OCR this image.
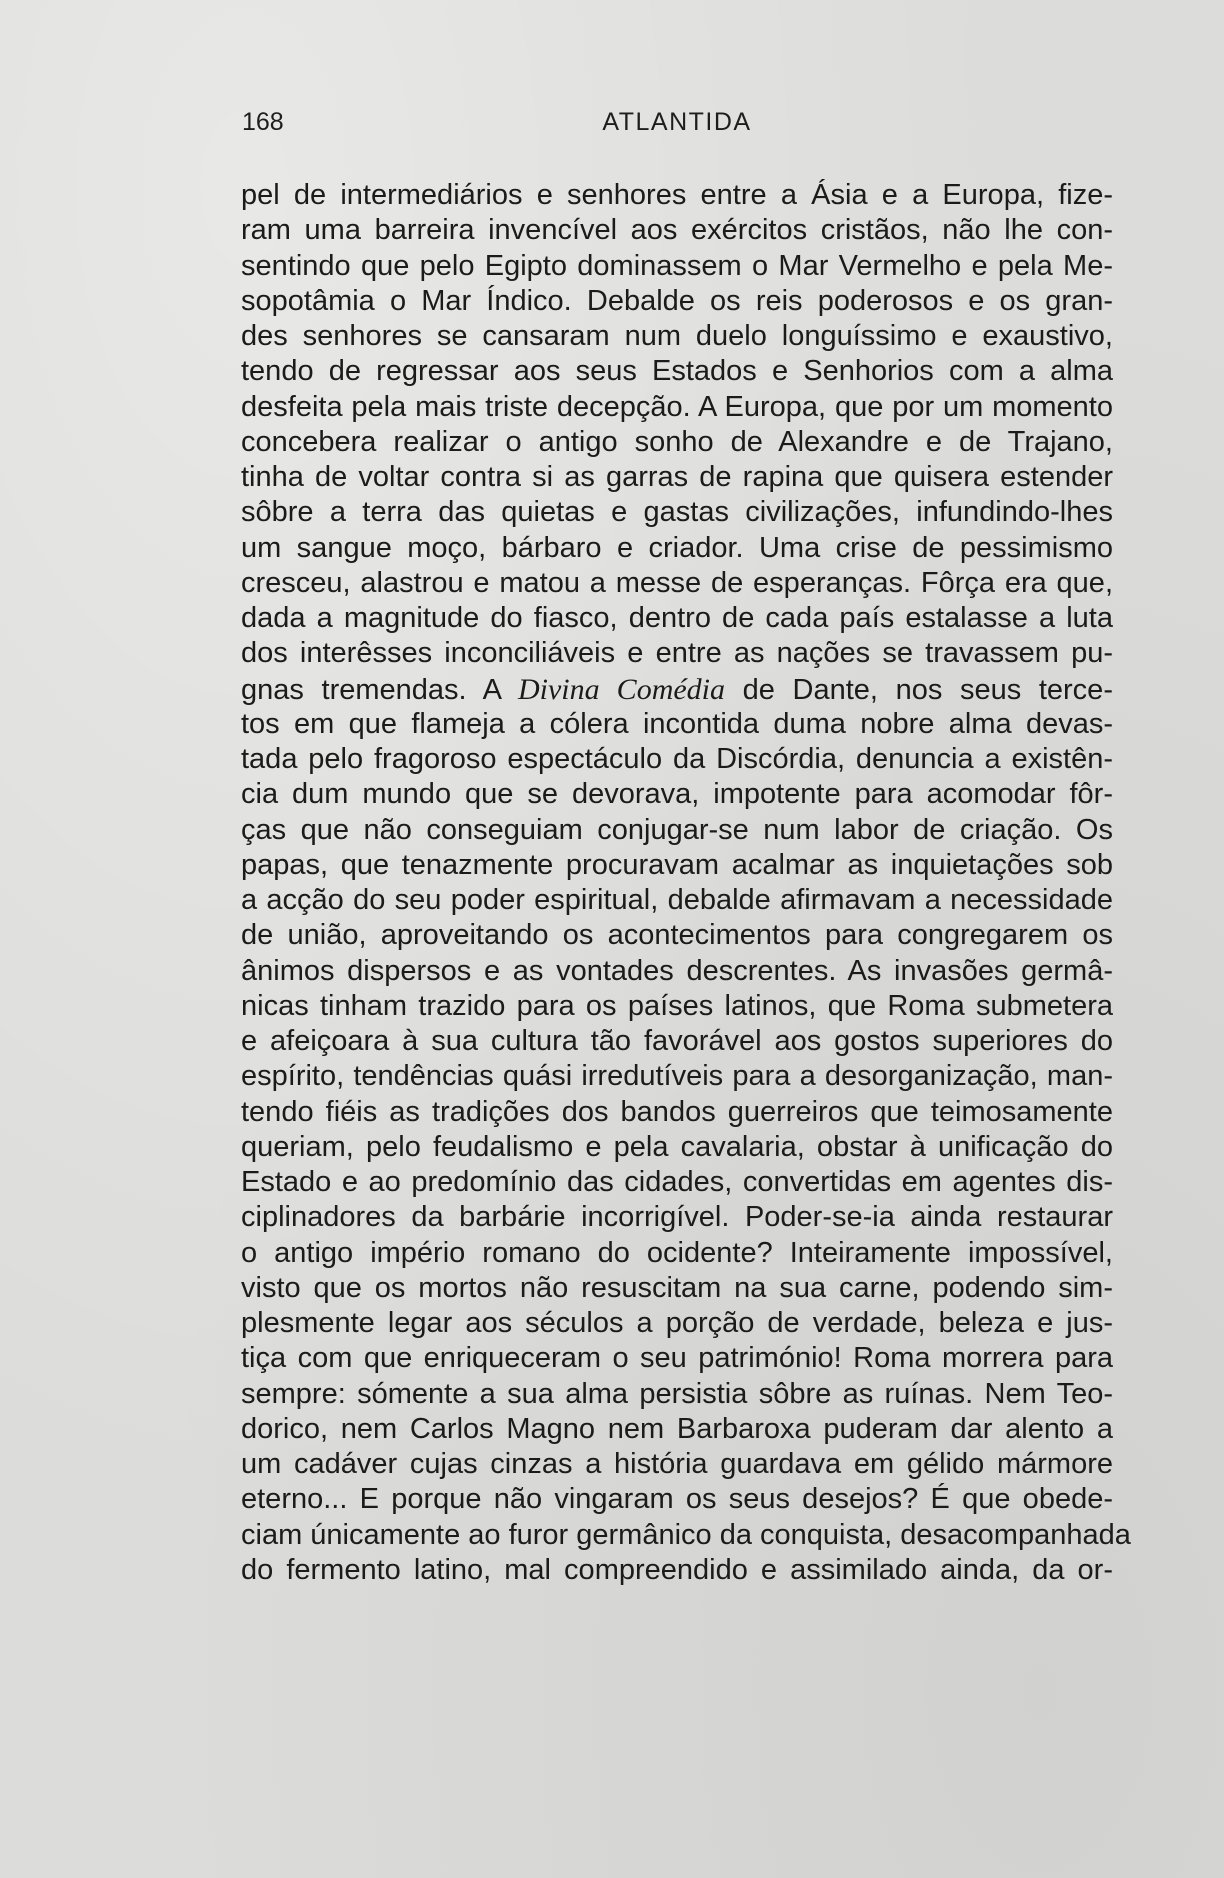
168	ATLANTIDA
pel de intermediários e senhores entre a Ásia e a Europa, fize-
ram uma barreira invencível aos exércitos cristãos, não lhe con-
sentindo que pelo Egipto dominassem o Mar Vermelho e pela Me-
sopotâmia o Mar Índico. Debalde os reis poderosos e os gran-
des senhores se cansaram num duelo longuíssimo e exaustivo,
tendo de regressar aos seus Estados e Senhorios com a alma
desfeita pela mais triste decepção. A Europa, que por um momento
concebera realizar o antigo sonho de Alexandre e de Trajano,
tinha de voltar contra si as garras de rapina que quisera estender
sôbre a terra das quietas e gastas civilizações, infundindo-lhes
um sangue moço, bárbaro e criador. Uma crise de pessimismo
cresceu, alastrou e matou a messe de esperanças. Fôrça era que,
dada a magnitude do fiasco, dentro de cada país estalasse a luta
dos interêsses inconciliáveis e entre as nações se travassem pu-
gnas tremendas. A Divina Comédia de Dante, nos seus terce-
tos em que flameja a cólera incontida duma nobre alma devas-
tada pelo fragoroso espectáculo da Discórdia, denuncia a existên-
cia dum mundo que se devorava, impotente para acomodar fôr-
ças que não conseguiam conjugar-se num labor de criação. Os
papas, que tenazmente procuravam acalmar as inquietações sob
a acção do seu poder espiritual, debalde afirmavam a necessidade
de união, aproveitando os acontecimentos para congregarem os
ânimos dispersos e as vontades descrentes. As invasões germâ-
nicas tinham trazido para os países latinos, que Roma submetera
e afeiçoara à sua cultura tão favorável aos gostos superiores do
espírito, tendências quási irredutíveis para a desorganização, man-
tendo fiéis as tradições dos bandos guerreiros que teimosamente
queriam, pelo feudalismo e pela cavalaria, obstar à unificação do
Estado e ao predomínio das cidades, convertidas em agentes dis-
ciplinadores da barbárie incorrigível. Poder-se-ia ainda restaurar
o antigo império romano do ocidente? Inteiramente impossível,
visto que os mortos não resuscitam na sua carne, podendo sim-
plesmente legar aos séculos a porção de verdade, beleza e jus-
tiça com que enriqueceram o seu património! Roma morrera para
sempre: sómente a sua alma persistia sôbre as ruínas. Nem Teo-
dorico, nem Carlos Magno nem Barbaroxa puderam dar alento a
um cadáver cujas cinzas a história guardava em gélido mármore
eterno... E porque não vingaram os seus desejos? É que obede-
ciam únicamente ao furor germânico da conquista, desacompanhada
do fermento latino, mal compreendido e assimilado ainda, da or-
